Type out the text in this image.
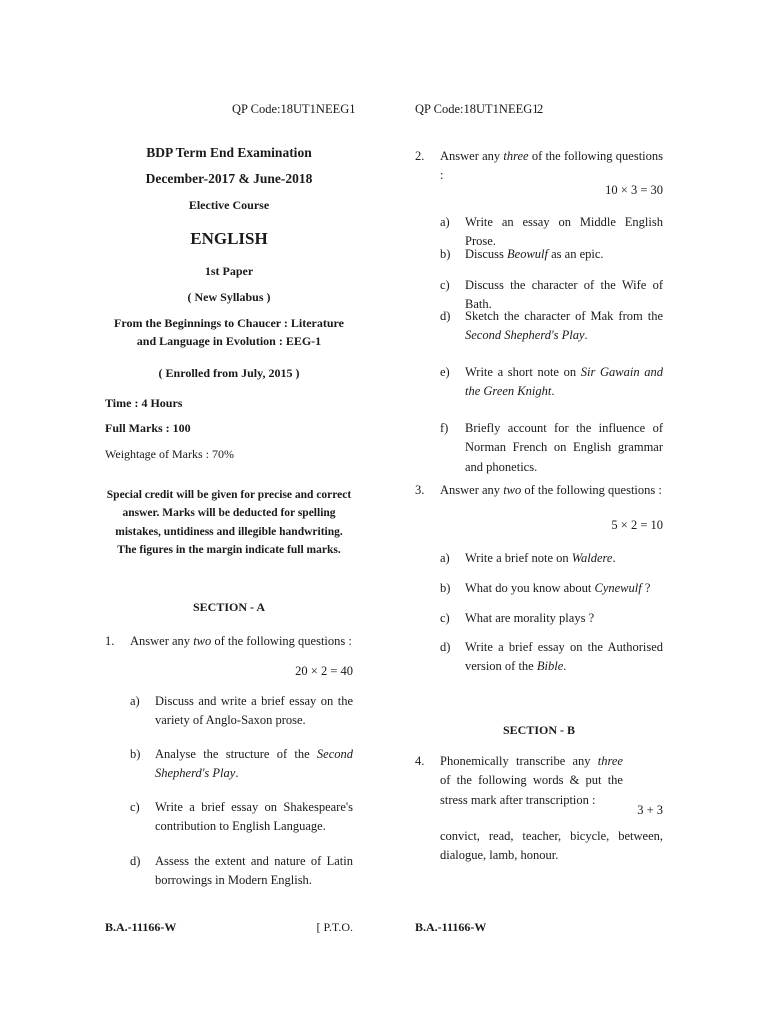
QP Code:18UT1NEEG1
BDP Term End Examination
December-2017 & June-2018
Elective Course
ENGLISH
1st Paper
( New Syllabus )
From the Beginnings to Chaucer : Literature and Language in Evolution : EEG-1
( Enrolled from July, 2015 )
Time : 4 Hours
Full Marks : 100
Weightage of Marks : 70%
Special credit will be given for precise and correct answer. Marks will be deducted for spelling mistakes, untidiness and illegible handwriting. The figures in the margin indicate full marks.
SECTION - A
1. Answer any two of the following questions :
20 × 2 = 40
a) Discuss and write a brief essay on the variety of Anglo-Saxon prose.
b) Analyse the structure of the Second Shepherd's Play.
c) Write a brief essay on Shakespeare's contribution to English Language.
d) Assess the extent and nature of Latin borrowings in Modern English.
B.A.-11166-W	[ P.T.O.
QP Code:18UT1NEEG1
2
2. Answer any three of the following questions :
10 × 3 = 30
a) Write an essay on Middle English Prose.
b) Discuss Beowulf as an epic.
c) Discuss the character of the Wife of Bath.
d) Sketch the character of Mak from the Second Shepherd's Play.
e) Write a short note on Sir Gawain and the Green Knight.
f) Briefly account for the influence of Norman French on English grammar and phonetics.
3. Answer any two of the following questions :
5 × 2 = 10
a) Write a brief note on Waldere.
b) What do you know about Cynewulf ?
c) What are morality plays ?
d) Write a brief essay on the Authorised version of the Bible.
SECTION - B
4. Phonemically transcribe any three of the following words & put the stress mark after transcription :
3 + 3
convict, read, teacher, bicycle, between, dialogue, lamb, honour.
B.A.-11166-W
